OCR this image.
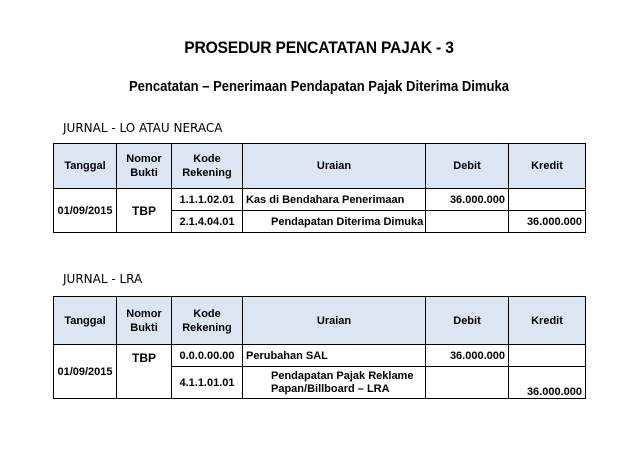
PROSEDUR PENCATATAN PAJAK - 3
Pencatatan – Penerimaan Pendapatan Pajak Diterima Dimuka
JURNAL - LO ATAU NERACA
Tanggal	Nomor Bukti	Kode Rekening	Uraian	Debit	Kredit
01/09/2015	TBP	1.1.1.02.01	Kas di Bendahara Penerimaan	36.000.000	
		2.1.4.04.01	Pendapatan Diterima Dimuka		36.000.000
JURNAL - LRA
Tanggal	Nomor Bukti	Kode Rekening	Uraian	Debit	Kredit
01/09/2015	TBP	0.0.0.00.00	Perubahan SAL	36.000.000	
		4.1.1.01.01	Pendapatan Pajak Reklame
Papan/Billboard – LRA		36.000.000
